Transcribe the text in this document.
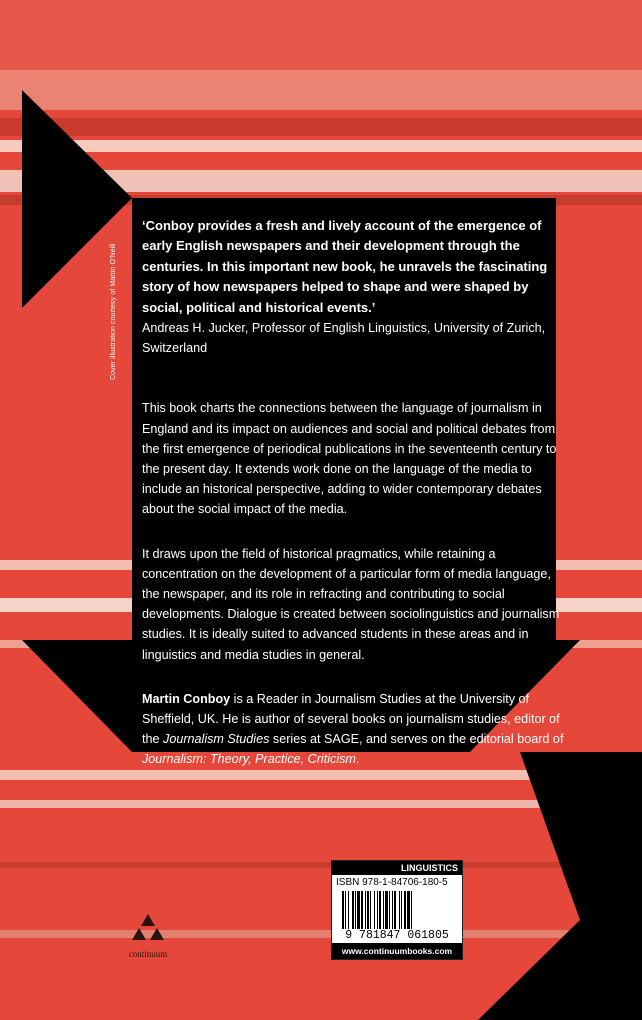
Cover illustration courtesy of Martin O'Neill

‘Conboy provides a fresh and lively account of the emergence of early English newspapers and their development through the centuries. In this important new book, he unravels the fascinating story of how newspapers helped to shape and were shaped by social, political and historical events.’

Andreas H. Jucker, Professor of English Linguistics, University of Zurich, Switzerland

This book charts the connections between the language of journalism in England and its impact on audiences and social and political debates from the first emergence of periodical publications in the seventeenth century to the present day. It extends work done on the language of the media to include an historical perspective, adding to wider contemporary debates about the social impact of the media.

It draws upon the field of historical pragmatics, while retaining a concentration on the development of a particular form of media language, the newspaper, and its role in refracting and contributing to social developments. Dialogue is created between sociolinguistics and journalism studies. It is ideally suited to advanced students in these areas and in linguistics and media studies in general.

Martin Conboy is a Reader in Journalism Studies at the University of Sheffield, UK. He is author of several books on journalism studies, editor of the Journalism Studies series at SAGE, and serves on the editorial board of Journalism: Theory, Practice, Criticism.

continuum
LINGUISTICS
ISBN 978-1-84706-180-5
9 781847 061805
www.continuumbooks.com
